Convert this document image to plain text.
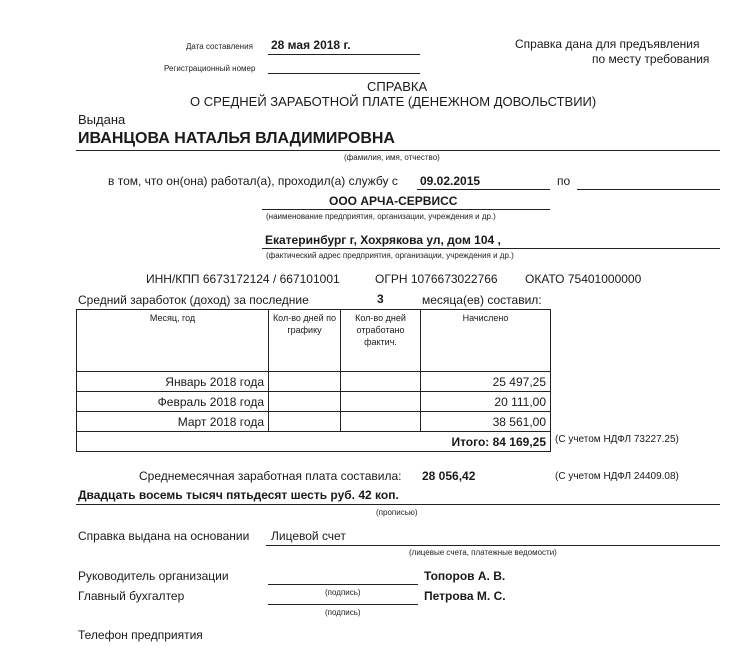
Дата составления 28 мая 2018 г.
Регистрационный номер
Справка дана для предъявления
по месту требования
СПРАВКА
О СРЕДНЕЙ ЗАРАБОТНОЙ ПЛАТЕ (ДЕНЕЖНОМ ДОВОЛЬСТВИИ)
Выдана
ИВАНЦОВА НАТАЛЬЯ ВЛАДИМИРОВНА
(фамилия, имя, отчество)
в том, что он(она) работал(а), проходил(а) службу с 09.02.2015	по
ООО АРЧА-СЕРВИСС
(наименование предприятия, организации, учреждения и др.)
Екатеринбург г, Хохрякова ул, дом 104 ,
(фактический адрес предприятия, организации, учреждения и др.)
ИНН/КПП 6673172124 / 667101001	ОГРН 1076673022766 ОКАТО 75401000000
Средний заработок (доход) за последние	3	месяца(ев) составил:
Месяц, год	Кол-во дней по графику	Кол-во дней отработано фактич.	Начислено
Январь 2018 года			25 497,25
Февраль 2018 года			20 111,00
Март 2018 года			38 561,00
Итого: 84 169,25			(С учетом НДФЛ 73227.25)
Среднемесячная заработная плата составила: 28 056,42	(С учетом НДФЛ 24409.08)
Двадцать восемь тысяч пятьдесят шесть руб. 42 коп.
(прописью)
Справка выдана на основании Лицевой счет
(лицевые счета, платежные ведомости)
Руководитель организации	Топоров А. В.
(подпись)
Главный бухгалтер	Петрова М. С.
(подпись)
Телефон предприятия
